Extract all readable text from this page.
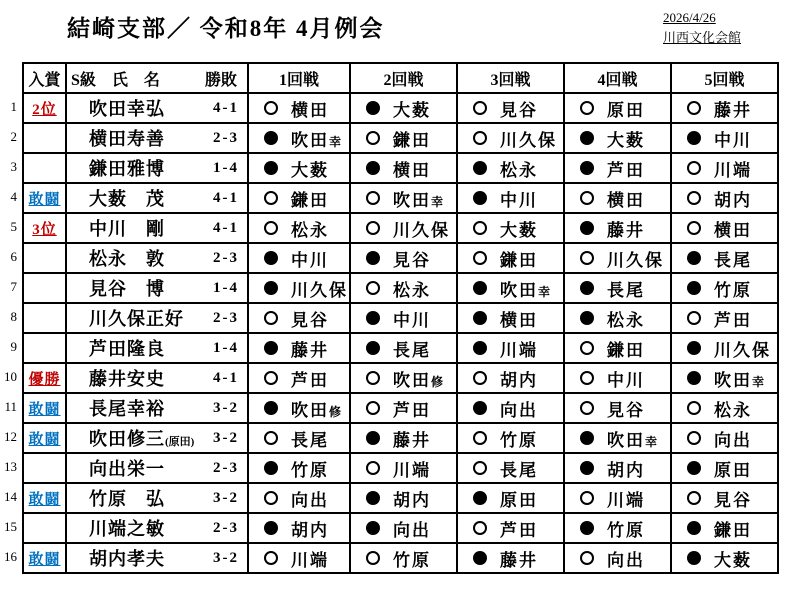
結崎支部／ 令和8年 4月例会	2026/4/26
川西文化会館
1
2
3
4
5
6
7
8
9
10
11
12
13
14
15
16
入賞	S級　氏　名 勝敗	1回戦	2回戦	3回戦	4回戦	5回戦
2位	吹田幸弘 4-1	横田	大薮	見谷	原田	藤井

	横田寿善 2-3	吹田幸	鎌田	川久保	大薮	中川

	鎌田雅博 1-4	大薮	横田	松永	芦田	川端

敢闘	大薮　茂 4-1	鎌田	吹田幸	中川	横田	胡内

3位	中川　剛 4-1	松永	川久保	大薮	藤井	横田

	松永　敦 2-3	中川	見谷	鎌田	川久保	長尾

	見谷　博 1-4	川久保	松永	吹田幸	長尾	竹原

	川久保正好 2-3	見谷	中川	横田	松永	芦田

	芦田隆良 1-4	藤井	長尾	川端	鎌田	川久保

優勝	藤井安史 4-1	芦田	吹田修	胡内	中川	吹田幸

敢闘	長尾幸裕 3-2	吹田修	芦田	向出	見谷	松永

敢闘	吹田修三(原田) 3-2	長尾	藤井	竹原	吹田幸	向出

	向出栄一 2-3	竹原	川端	長尾	胡内	原田

敢闘	竹原　弘 3-2	向出	胡内	原田	川端	見谷

	川端之敏 2-3	胡内	向出	芦田	竹原	鎌田

敢闘	胡内孝夫 3-2	川端	竹原	藤井	向出	大薮
